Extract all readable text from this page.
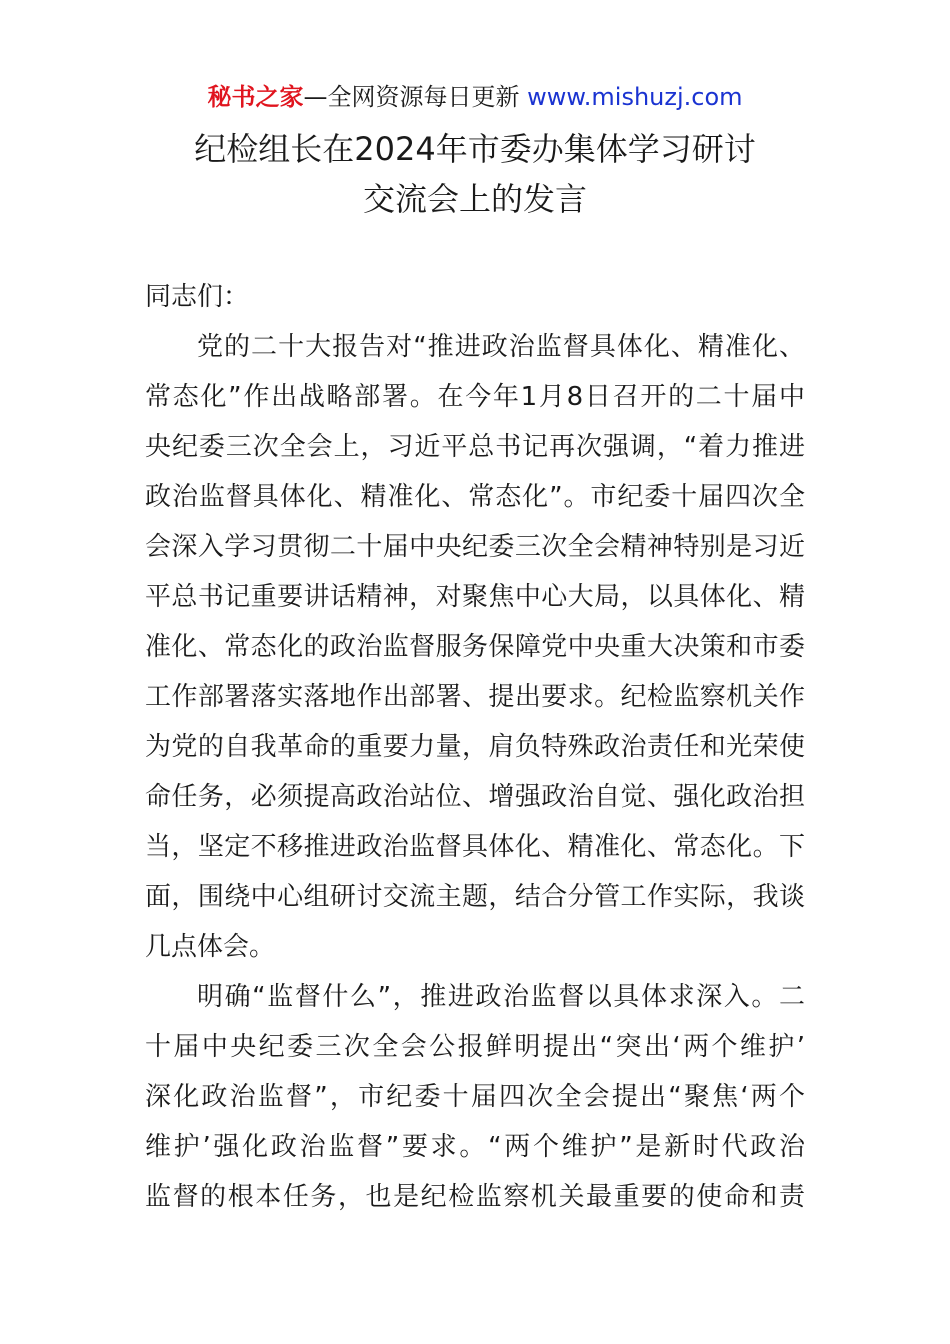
秘书之家—全网资源每日更新 www.mishuzj.com
纪检组长在2024年市委办集体学习研讨
交流会上的发言
同志们：
党的二十大报告对“推进政治监督具体化、精准化、
常态化”作出战略部署。在今年1月8日召开的二十届中
央纪委三次全会上，习近平总书记再次强调，“着力推进
政治监督具体化、精准化、常态化”。市纪委十届四次全
会深入学习贯彻二十届中央纪委三次全会精神特别是习近
平总书记重要讲话精神，对聚焦中心大局，以具体化、精
准化、常态化的政治监督服务保障党中央重大决策和市委
工作部署落实落地作出部署、提出要求。纪检监察机关作
为党的自我革命的重要力量，肩负特殊政治责任和光荣使
命任务，必须提高政治站位、增强政治自觉、强化政治担
当，坚定不移推进政治监督具体化、精准化、常态化。下
面，围绕中心组研讨交流主题，结合分管工作实际，我谈
几点体会。
明确“监督什么”，推进政治监督以具体求深入。二
十届中央纪委三次全会公报鲜明提出“突出‘两个维护’
深化政治监督”，市纪委十届四次全会提出“聚焦‘两个
维护’强化政治监督”要求。“两个维护”是新时代政治
监督的根本任务，也是纪检监察机关最重要的使命和责
